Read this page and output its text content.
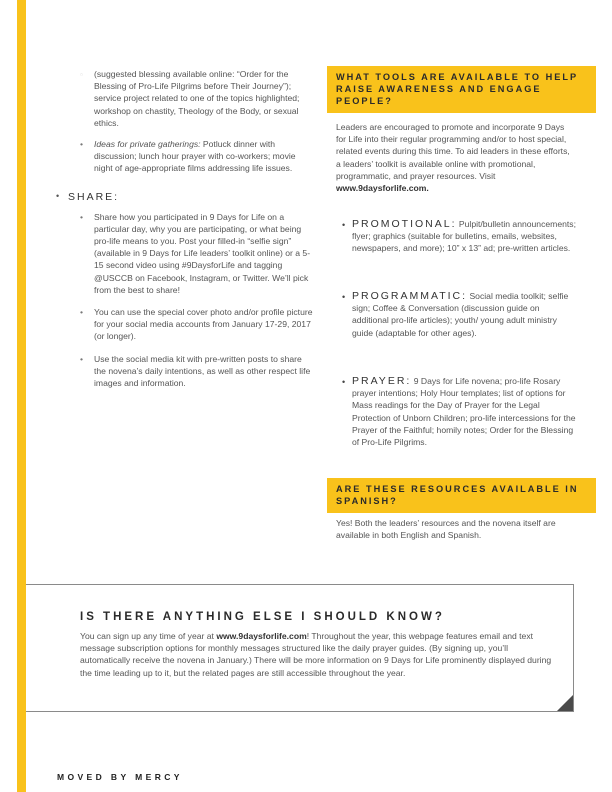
• • (suggested blessing available online: “Order for the Blessing of Pro-Life Pilgrims before Their Journey”); service project related to one of the topics highlighted; workshop on chastity, Theology of the Body, or sexual ethics.
• Ideas for private gatherings: Potluck dinner with discussion; lunch hour prayer with co-workers; movie night of age-appropriate films addressing life issues.
• SHARE:
• Share how you participated in 9 Days for Life on a particular day, why you are participating, or what being pro-life means to you. Post your filled-in “selfie sign” (available in 9 Days for Life leaders’ toolkit online) or a 5-15 second video using #9DaysforLife and tagging @USCCB on Facebook, Instagram, or Twitter. We’ll pick from the best to share!
• You can use the special cover photo and/or profile picture for your social media accounts from January 17-29, 2017 (or longer).
• Use the social media kit with pre-written posts to share the novena’s daily intentions, as well as other respect life images and information.
WHAT TOOLS ARE AVAILABLE TO HELP RAISE AWARENESS AND ENGAGE PEOPLE?
Leaders are encouraged to promote and incorporate 9 Days for Life into their regular programming and/or to host special, related events during this time. To aid leaders in these efforts, a leaders’ toolkit is available online with promotional, programmatic, and prayer resources. Visit www.9daysforlife.com.
• PROMOTIONAL: Pulpit/bulletin announcements; flyer; graphics (suitable for bulletins, emails, websites, newspapers, and more); 10” x 13” ad; pre-written articles.
• PROGRAMMATIC: Social media toolkit; selfie sign; Coffee & Conversation (discussion guide on additional pro-life articles); youth/ young adult ministry guide (adaptable for other ages).
• PRAYER: 9 Days for Life novena; pro-life Rosary prayer intentions; Holy Hour templates; list of options for Mass readings for the Day of Prayer for the Legal Protection of Unborn Children; pro-life intercessions for the Prayer of the Faithful; homily notes; Order for the Blessing of Pro-Life Pilgrims.
ARE THESE RESOURCES AVAILABLE IN SPANISH?
Yes! Both the leaders’ resources and the novena itself are available in both English and Spanish.
IS THERE ANYTHING ELSE I SHOULD KNOW?
You can sign up any time of year at www.9daysforlife.com! Throughout the year, this webpage features email and text message subscription options for monthly messages structured like the daily prayer guides. (By signing up, you’ll automatically receive the novena in January.) There will be more information on 9 Days for Life prominently displayed during the time leading up to it, but the related pages are still accessible throughout the year.
MOVED BY MERCY
